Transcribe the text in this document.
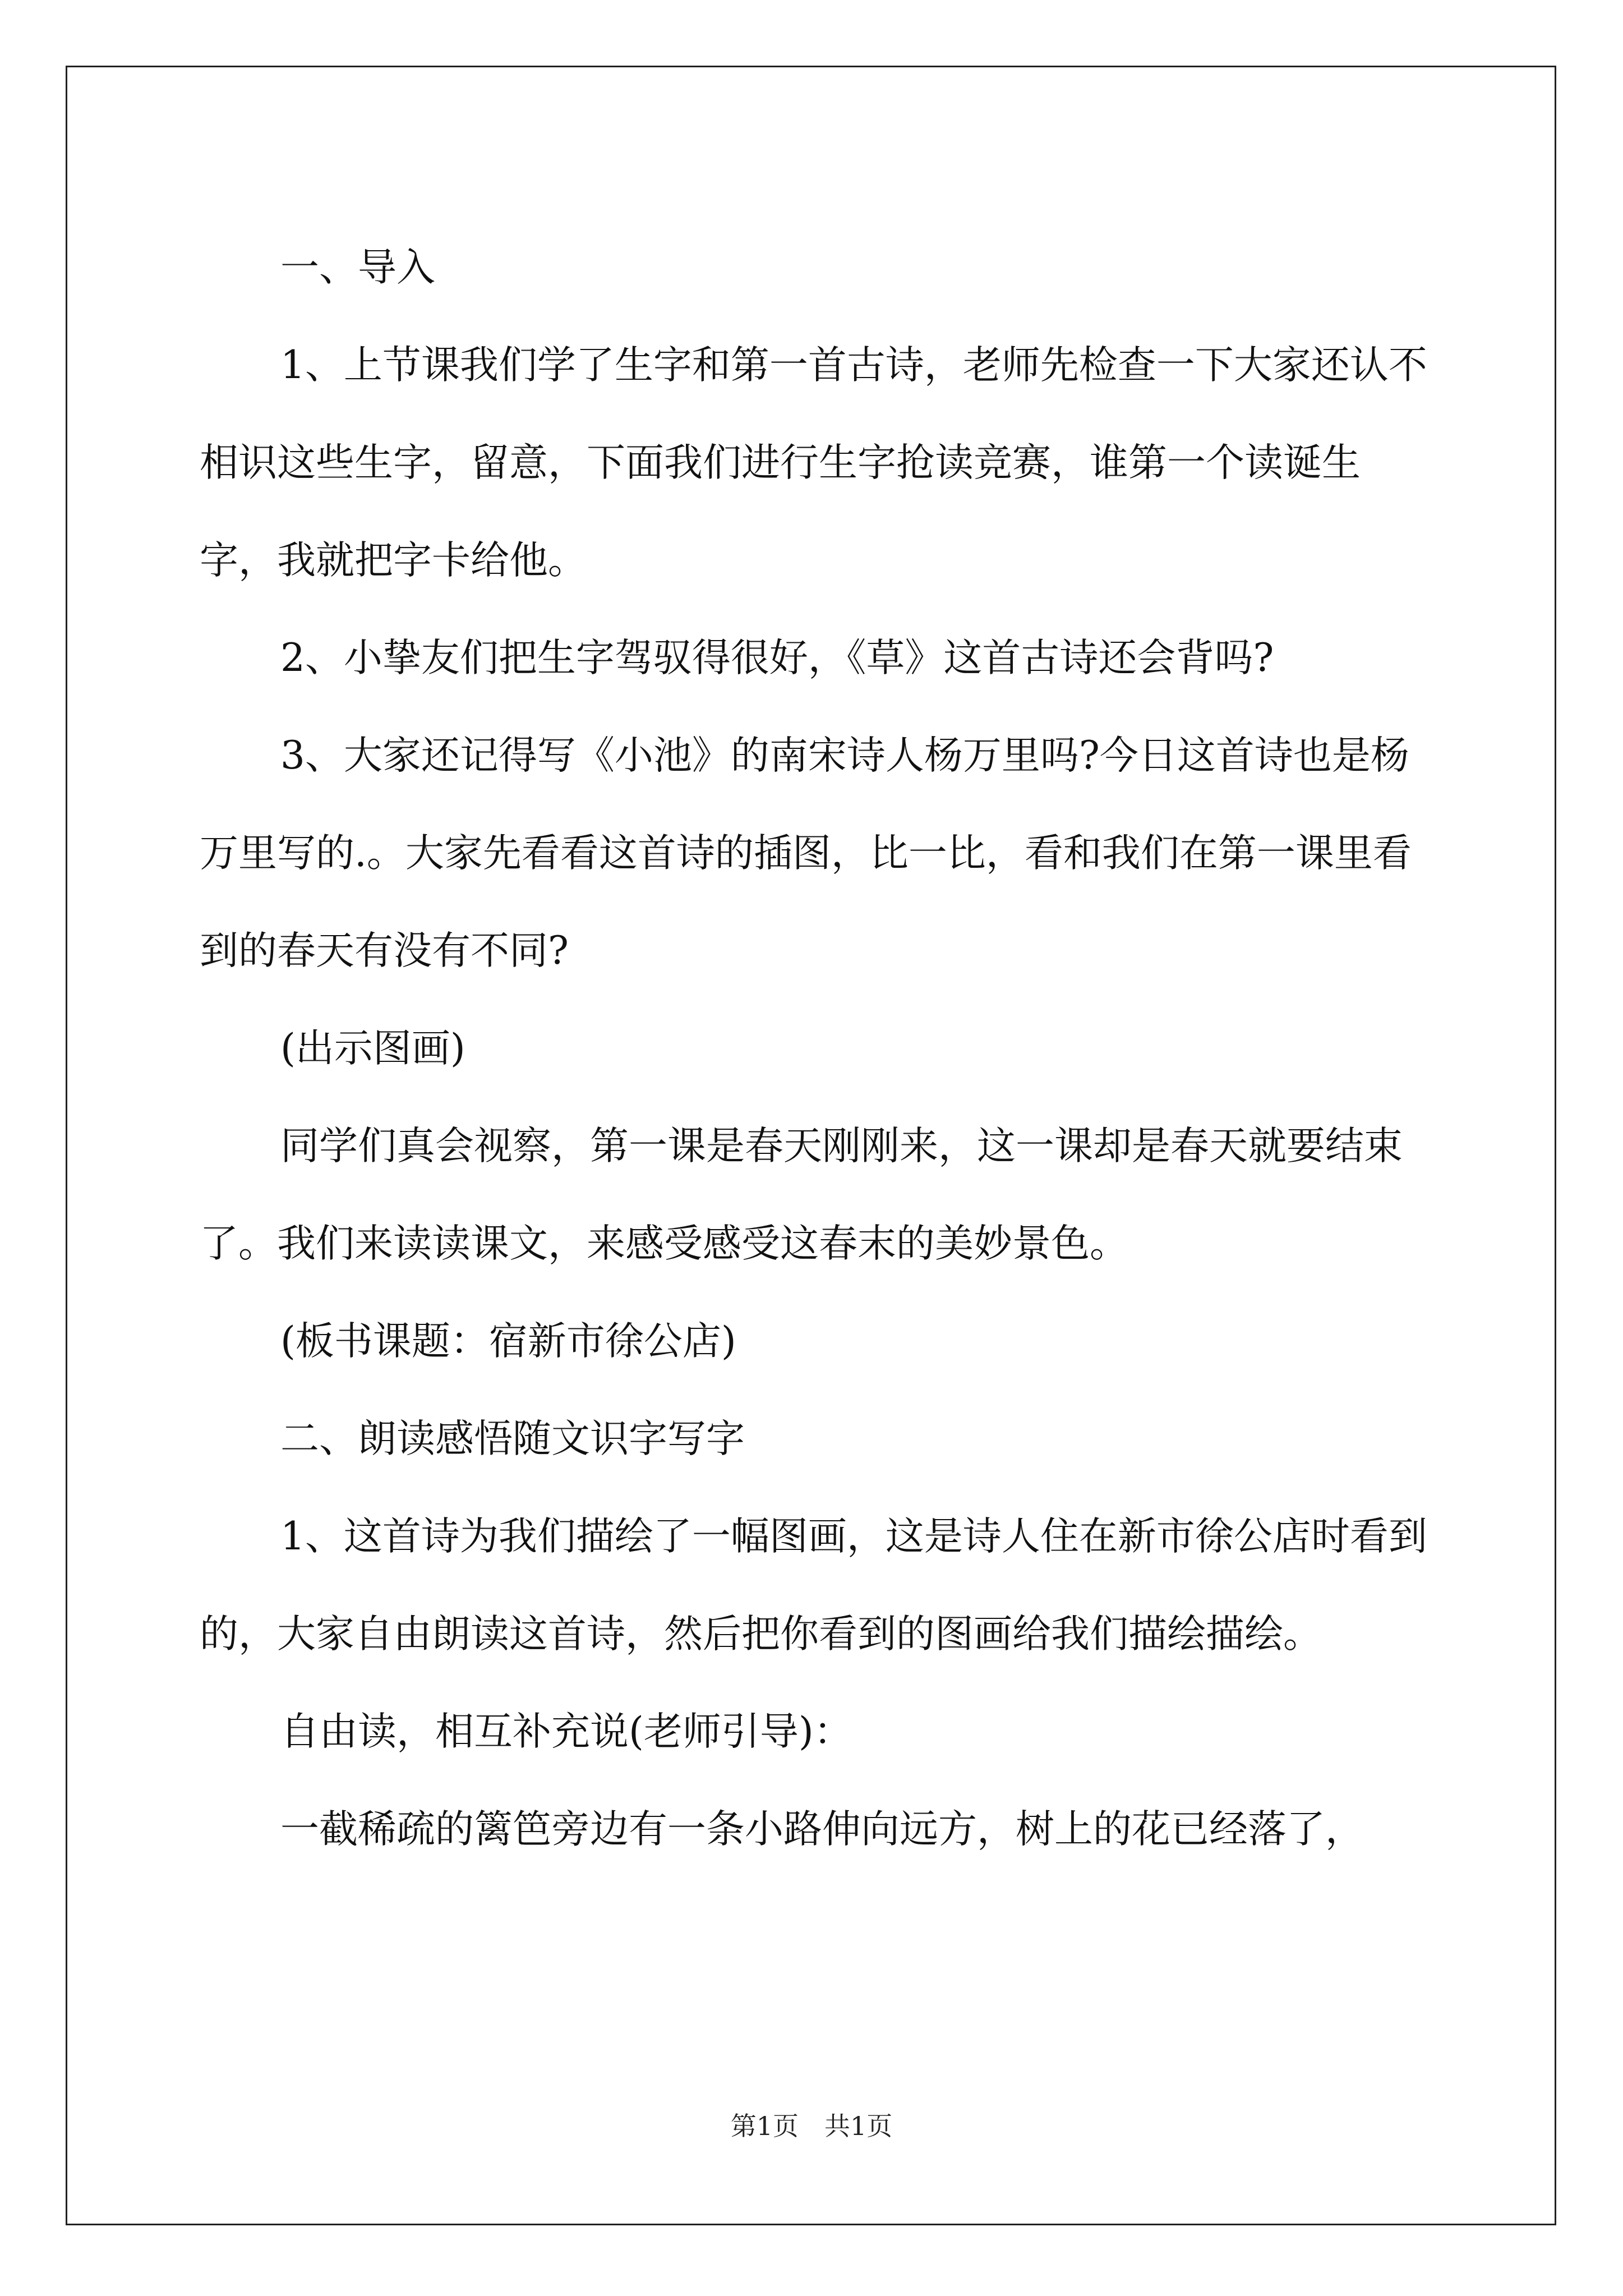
一、导入

1、上节课我们学了生字和第一首古诗，老师先检查一下大家还认不相识这些生字，留意，下面我们进行生字抢读竞赛，谁第一个读诞生字，我就把字卡给他。

2、小挚友们把生字驾驭得很好，《草》这首古诗还会背吗?

3、大家还记得写《小池》的南宋诗人杨万里吗?今日这首诗也是杨万里写的.。大家先看看这首诗的插图，比一比，看和我们在第一课里看到的春天有没有不同?

(出示图画)

同学们真会视察，第一课是春天刚刚来，这一课却是春天就要结束了。我们来读读课文，来感受感受这春末的美妙景色。

(板书课题：宿新市徐公店)

二、朗读感悟随文识字写字

1、这首诗为我们描绘了一幅图画，这是诗人住在新市徐公店时看到的，大家自由朗读这首诗，然后把你看到的图画给我们描绘描绘。

自由读，相互补充说(老师引导)：

一截稀疏的篱笆旁边有一条小路伸向远方，树上的花已经落了，

第1页　共1页
